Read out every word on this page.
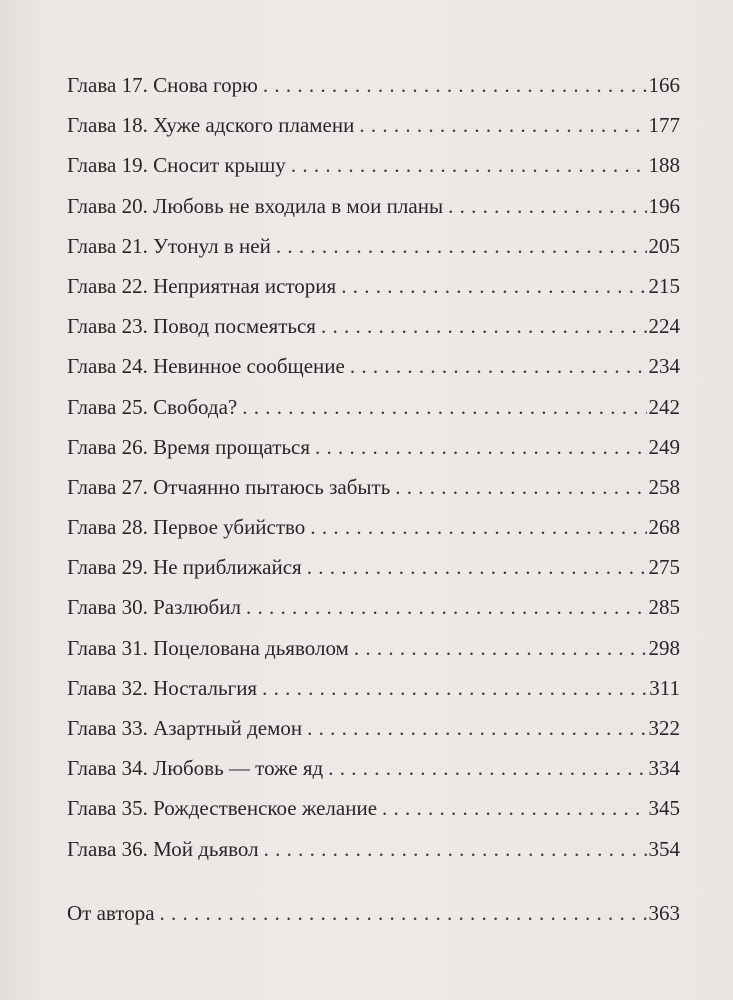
Глава 17. Снова горю . . .	166
Глава 18. Хуже адского пламени . . .	177
Глава 19. Сносит крышу . . .	188
Глава 20. Любовь не входила в мои планы . . .	196
Глава 21. Утонул в ней . . .	205
Глава 22. Неприятная история . . .	215
Глава 23. Повод посмеяться . . .	224
Глава 24. Невинное сообщение . . .	234
Глава 25. Свобода? . . .	242
Глава 26. Время прощаться . . .	249
Глава 27. Отчаянно пытаюсь забыть . . .	258
Глава 28. Первое убийство . . .	268
Глава 29. Не приближайся . . .	275
Глава 30. Разлюбил . . .	285
Глава 31. Поцелована дьяволом . . .	298
Глава 32. Ностальгия . . .	311
Глава 33. Азартный демон . . .	322
Глава 34. Любовь — тоже яд . . .	334
Глава 35. Рождественское желание . . .	345
Глава 36. Мой дьявол . . .	354
От автора . . .	363
